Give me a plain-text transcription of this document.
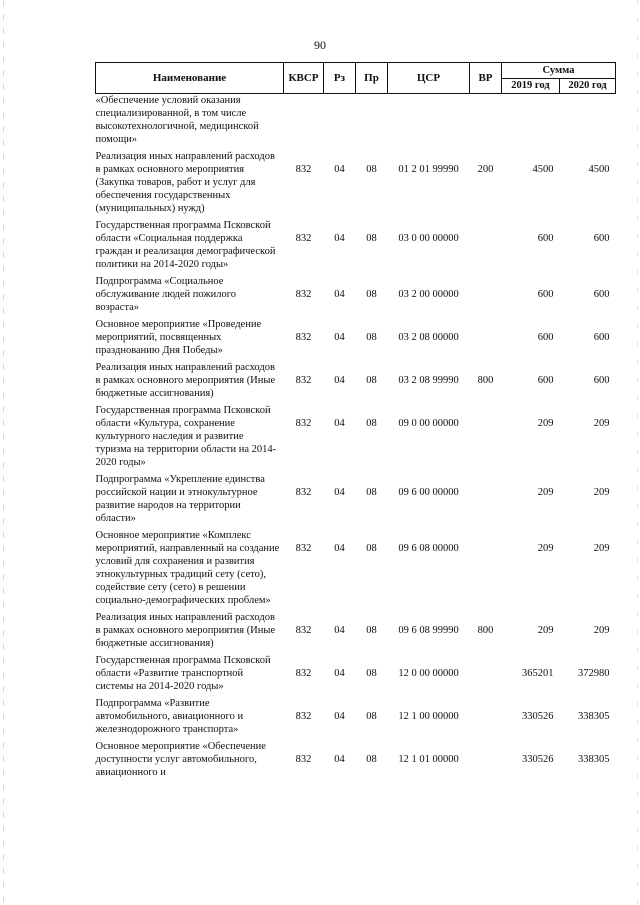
90
Наименование	КВСР	Рз	Пр	ЦСР	ВР	Сумма	
						2019 год	2020 год
«Обеспечение условий оказания специализированной, в том числе высокотехнологичной, медицинской помощи»							
Реализация иных направлений расходов в рамках основного мероприятия (Закупка товаров, работ и услуг для обеспечения государственных (муниципальных) нужд)	832	04	08	01 2 01 99990	200	4500	4500
Государственная программа Псковской области «Социальная поддержка граждан и реализация демографической политики на 2014-2020 годы»	832	04	08	03 0 00 00000		600	600
Подпрограмма «Социальное обслуживание людей пожилого возраста»	832	04	08	03 2 00 00000		600	600
Основное мероприятие «Проведение мероприятий, посвященных празднованию Дня Победы»	832	04	08	03 2 08 00000		600	600
Реализация иных направлений расходов в рамках основного мероприятия (Иные бюджетные ассигнования)	832	04	08	03 2 08 99990	800	600	600
Государственная программа Псковской области «Культура, сохранение культурного наследия и развитие туризма на территории области на 2014-2020 годы»	832	04	08	09 0 00 00000		209	209
Подпрограмма «Укрепление единства российской нации и этнокультурное развитие народов на территории области»	832	04	08	09 6 00 00000		209	209
Основное мероприятие «Комплекс мероприятий, направленный на создание условий для сохранения и развития этнокультурных традиций сету (сето), содействие сету (сето) в решении социально-демографических проблем»	832	04	08	09 6 08 00000		209	209
Реализация иных направлений расходов в рамках основного мероприятия (Иные бюджетные ассигнования)	832	04	08	09 6 08 99990	800	209	209
Государственная программа Псковской области «Развитие транспортной системы на 2014-2020 годы»	832	04	08	12 0 00 00000		365201	372980
Подпрограмма «Развитие автомобильного, авиационного и железнодорожного транспорта»	832	04	08	12 1 00 00000		330526	338305
Основное мероприятие «Обеспечение доступности услуг автомобильного, авиационного и	832	04	08	12 1 01 00000		330526	338305
